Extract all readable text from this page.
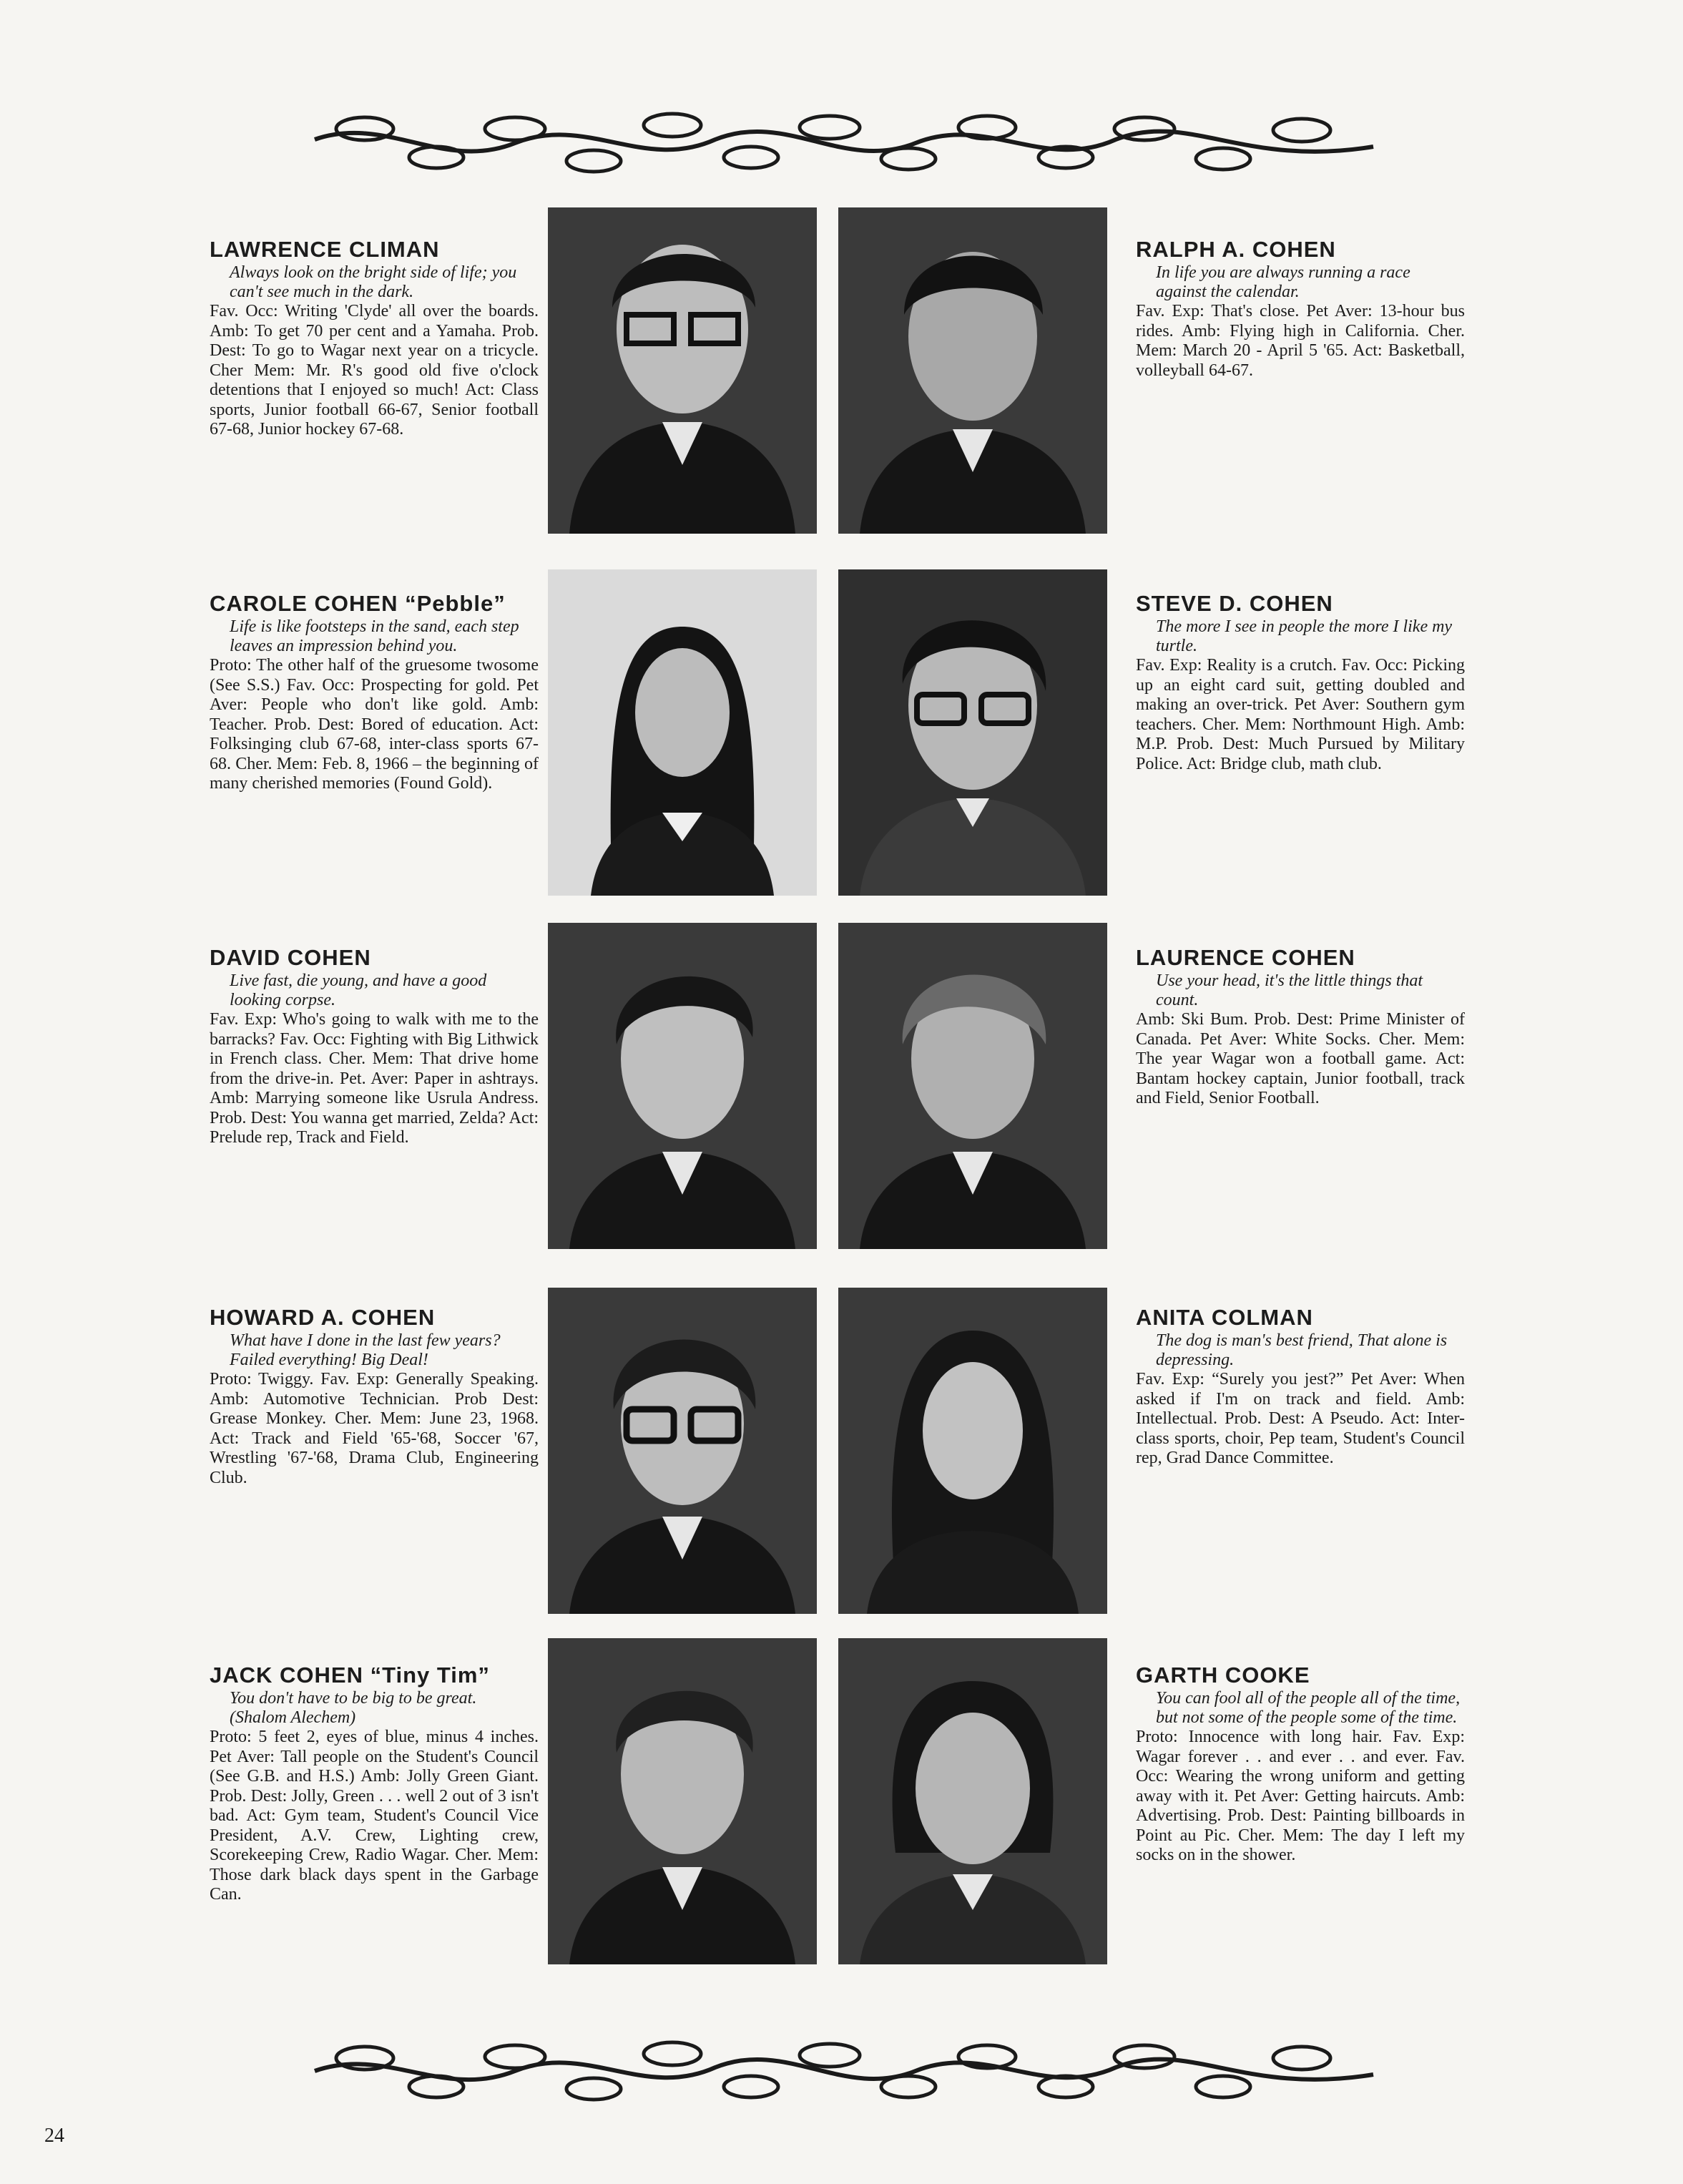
LAWRENCE CLIMAN

Always look on the bright side of life; you can't see much in the dark.

Fav. Occ: Writing 'Clyde' all over the boards. Amb: To get 70 per cent and a Yamaha. Prob. Dest: To go to Wagar next year on a tricycle. Cher Mem: Mr. R's good old five o'clock detentions that I enjoyed so much! Act: Class sports, Junior football 66-67, Senior football 67-68, Junior hockey 67-68.

RALPH A. COHEN

In life you are always running a race against the calendar.

Fav. Exp: That's close. Pet Aver: 13-hour bus rides. Amb: Flying high in California. Cher. Mem: March 20 - April 5 '65. Act: Basketball, volleyball 64-67.

CAROLE COHEN “Pebble”

Life is like footsteps in the sand, each step leaves an impression behind you.

Proto: The other half of the gruesome twosome (See S.S.) Fav. Occ: Prospecting for gold. Pet Aver: People who don't like gold. Amb: Teacher. Prob. Dest: Bored of education. Act: Folksinging club 67-68, inter-class sports 67-68. Cher. Mem: Feb. 8, 1966 – the beginning of many cherished memories (Found Gold).

STEVE D. COHEN

The more I see in people the more I like my turtle.

Fav. Exp: Reality is a crutch. Fav. Occ: Picking up an eight card suit, getting doubled and making an over-trick. Pet Aver: Southern gym teachers. Cher. Mem: Northmount High. Amb: M.P. Prob. Dest: Much Pursued by Military Police. Act: Bridge club, math club.

DAVID COHEN

Live fast, die young, and have a good looking corpse.

Fav. Exp: Who's going to walk with me to the barracks? Fav. Occ: Fighting with Big Lithwick in French class. Cher. Mem: That drive home from the drive-in. Pet. Aver: Paper in ashtrays. Amb: Marrying someone like Usrula Andress. Prob. Dest: You wanna get married, Zelda? Act: Prelude rep, Track and Field.

LAURENCE COHEN

Use your head, it's the little things that count.

Amb: Ski Bum. Prob. Dest: Prime Minister of Canada. Pet Aver: White Socks. Cher. Mem: The year Wagar won a football game. Act: Bantam hockey captain, Junior football, track and Field, Senior Football.

HOWARD A. COHEN

What have I done in the last few years? Failed everything! Big Deal!

Proto: Twiggy. Fav. Exp: Generally Speaking. Amb: Automotive Technician. Prob Dest: Grease Monkey. Cher. Mem: June 23, 1968. Act: Track and Field '65-'68, Soccer '67, Wrestling '67-'68, Drama Club, Engineering Club.

ANITA COLMAN

The dog is man's best friend, That alone is depressing.

Fav. Exp: “Surely you jest?” Pet Aver: When asked if I'm on track and field. Amb: Intellectual. Prob. Dest: A Pseudo. Act: Inter-class sports, choir, Pep team, Student's Council rep, Grad Dance Committee.

JACK COHEN “Tiny Tim”

You don't have to be big to be great.

(Shalom Alechem)

Proto: 5 feet 2, eyes of blue, minus 4 inches. Pet Aver: Tall people on the Student's Council (See G.B. and H.S.) Amb: Jolly Green Giant. Prob. Dest: Jolly, Green . . . well 2 out of 3 isn't bad. Act: Gym team, Student's Council Vice President, A.V. Crew, Lighting crew, Scorekeeping Crew, Radio Wagar. Cher. Mem: Those dark black days spent in the Garbage Can.

GARTH COOKE

You can fool all of the people all of the time, but not some of the people some of the time.

Proto: Innocence with long hair. Fav. Exp: Wagar forever . . and ever . . and ever. Fav. Occ: Wearing the wrong uniform and getting away with it. Pet Aver: Getting haircuts. Amb: Advertising. Prob. Dest: Painting billboards in Point au Pic. Cher. Mem: The day I left my socks on in the shower.

24
